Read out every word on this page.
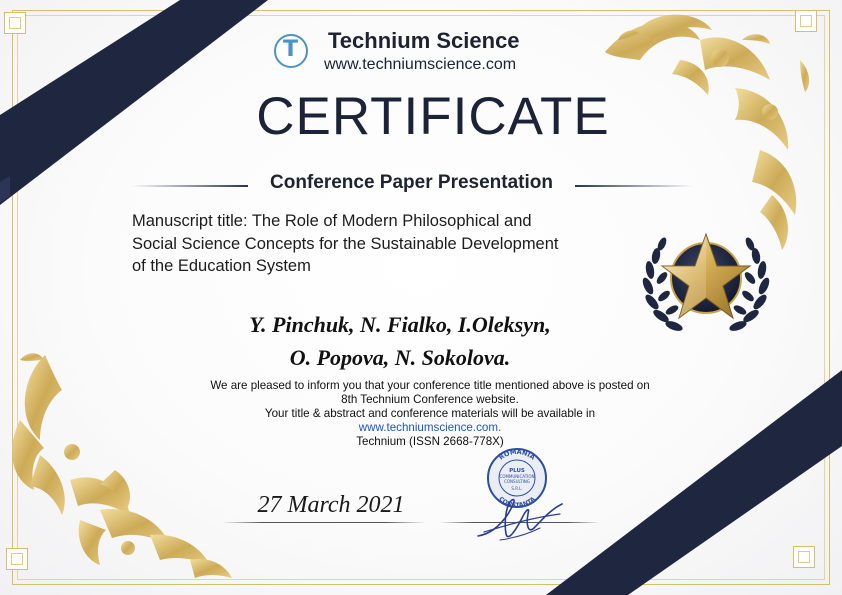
T	Technium Science
www.techniumscience.com
CERTIFICATE
Conference Paper Presentation
Manuscript title: The Role of Modern Philosophical and
Social Science Concepts for the Sustainable Development
of the Education System
Y. Pinchuk, N. Fialko, I.Oleksyn,
O. Popova, N. Sokolova.
We are pleased to inform you that your conference title mentioned above is posted on
8th Technium Conference website.
Your title & abstract and conference materials will be available in
www.techniumscience.com.
Technium (ISSN 2668-778X)
27 March 2021
ROMANIA
CONSTANTA
PLUS
COMMUNICATION
CONSULTING
S.R.L.
